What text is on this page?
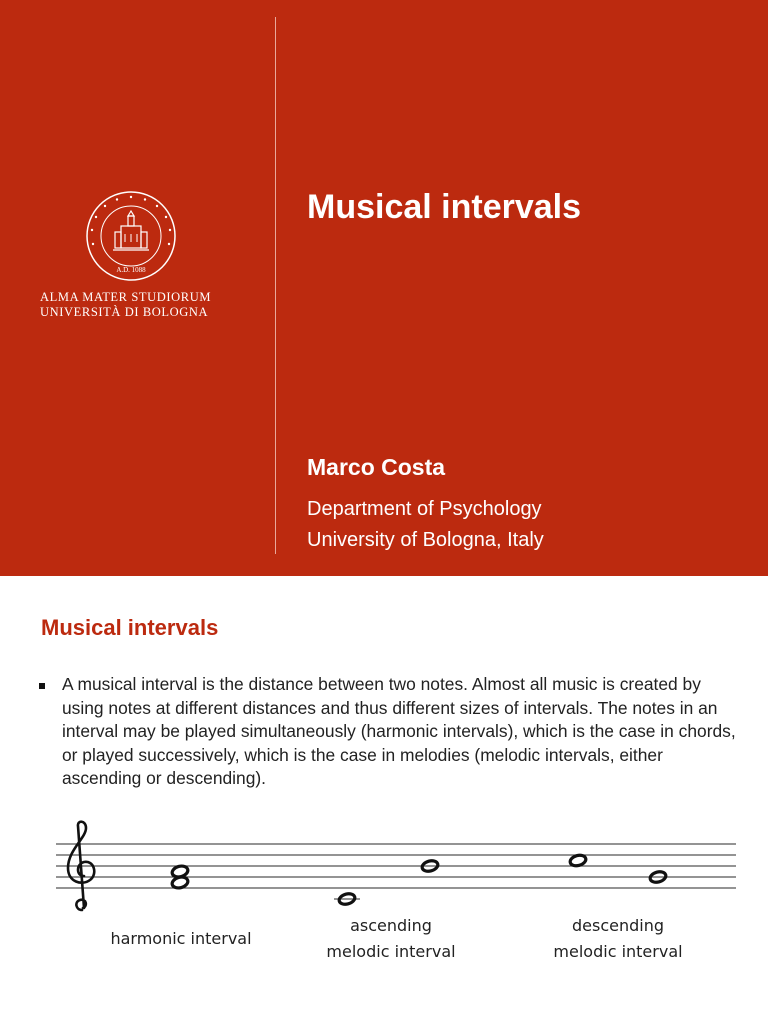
A.D. 1088
ALMA MATER STUDIORUM
UNIVERSITÀ DI BOLOGNA
Musical intervals
Marco Costa
Department of Psychology
University of Bologna, Italy
Musical intervals
A musical interval is the distance between two notes. Almost all music is created by using notes at different distances and thus different sizes of intervals. The notes in an interval may be played simultaneously (harmonic intervals), which is the case in chords, or played successively, which is the case in melodies (melodic intervals, either ascending or descending).
harmonic interval
ascending
melodic interval
descending
melodic interval
